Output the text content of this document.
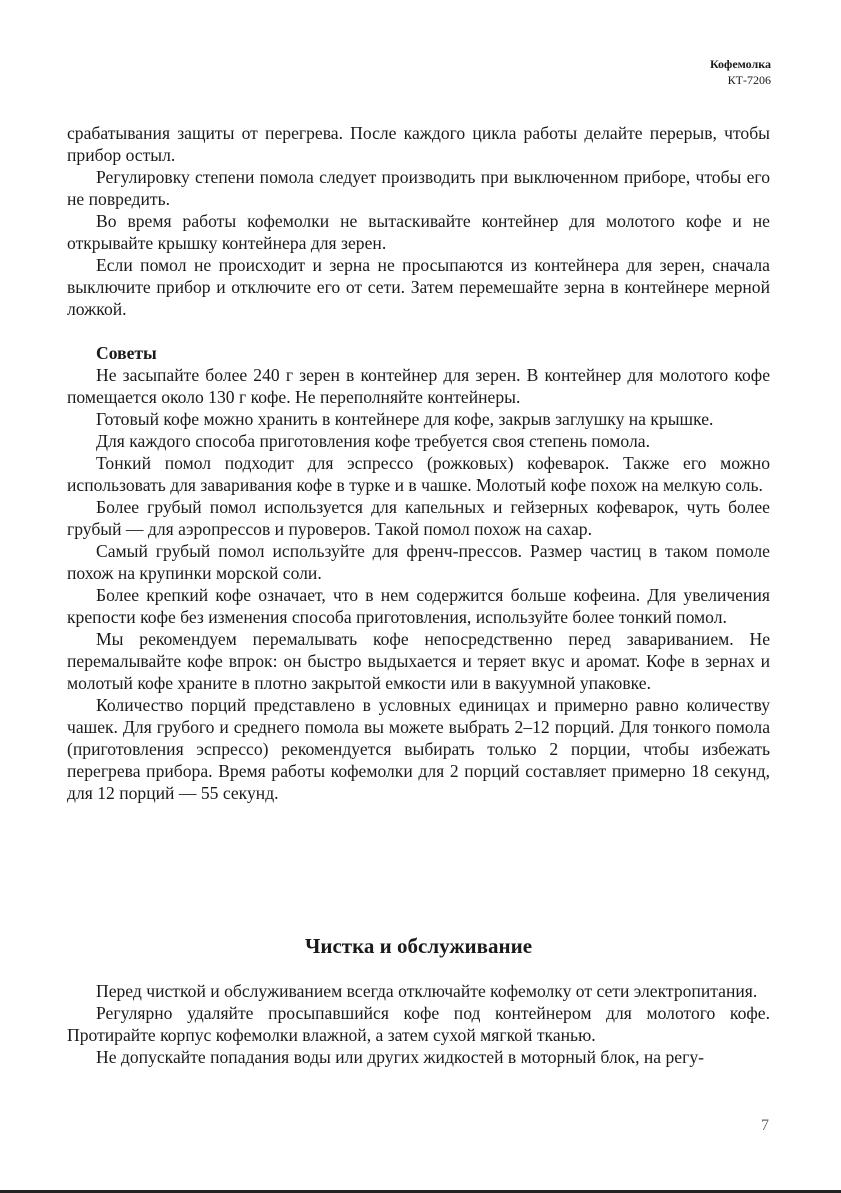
Кофемолка
КТ-7206

срабатывания защиты от перегрева. После каждого цикла работы делайте перерыв, чтобы прибор остыл.

Регулировку степени помола следует производить при выключенном приборе, чтобы его не повредить.

Во время работы кофемолки не вытаскивайте контейнер для молотого кофе и не открывайте крышку контейнера для зерен.

Если помол не происходит и зерна не просыпаются из контейнера для зерен, сначала выключите прибор и отключите его от сети. Затем перемешайте зерна в контейнере мерной ложкой.

Советы

Не засыпайте более 240 г зерен в контейнер для зерен. В контейнер для молотого кофе помещается около 130 г кофе. Не переполняйте контейнеры.

Готовый кофе можно хранить в контейнере для кофе, закрыв заглушку на крышке.

Для каждого способа приготовления кофе требуется своя степень помола.

Тонкий помол подходит для эспрессо (рожковых) кофеварок. Также его можно использовать для заваривания кофе в турке и в чашке. Молотый кофе похож на мелкую соль.

Более грубый помол используется для капельных и гейзерных кофеварок, чуть более грубый — для аэропрессов и пуроверов. Такой помол похож на сахар.

Самый грубый помол используйте для френч-прессов. Размер частиц в таком помоле похож на крупинки морской соли.

Более крепкий кофе означает, что в нем содержится больше кофеина. Для увеличения крепости кофе без изменения способа приготовления, используйте более тонкий помол.

Мы рекомендуем перемалывать кофе непосредственно перед завариванием. Не перемалывайте кофе впрок: он быстро выдыхается и теряет вкус и аромат. Кофе в зернах и молотый кофе храните в плотно закрытой емкости или в вакуумной упаковке.

Количество порций представлено в условных единицах и примерно равно количеству чашек. Для грубого и среднего помола вы можете выбрать 2–12 порций. Для тонкого помола (приготовления эспрессо) рекомендуется выбирать только 2 порции, чтобы избежать перегрева прибора. Время работы кофемолки для 2 порций составляет примерно 18 секунд, для 12 порций — 55 секунд.

Чистка и обслуживание

Перед чисткой и обслуживанием всегда отключайте кофемолку от сети электропитания.

Регулярно удаляйте просыпавшийся кофе под контейнером для молотого кофе. Протирайте корпус кофемолки влажной, а затем сухой мягкой тканью.

Не допускайте попадания воды или других жидкостей в моторный блок, на регу-

7
